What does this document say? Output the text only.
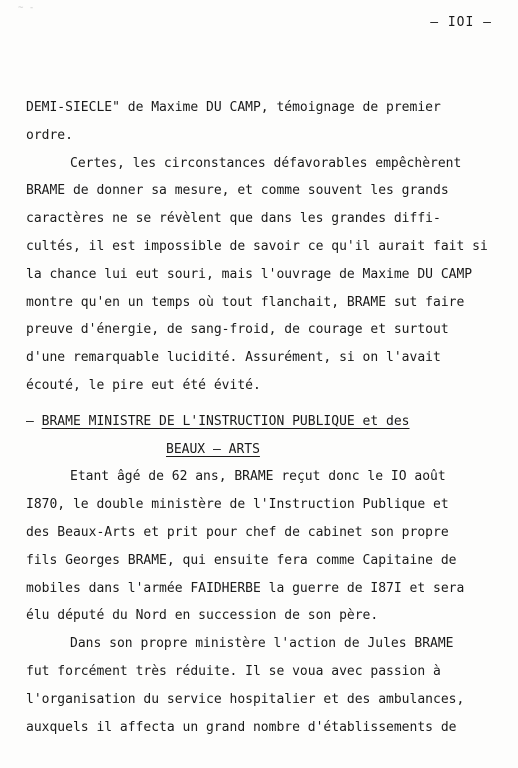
~ -
– IOI –
DEMI-SIECLE" de Maxime DU CAMP, témoignage de premier
ordre.
Certes, les circonstances défavorables empêchèrent
BRAME de donner sa mesure, et comme souvent les grands
caractères ne se révèlent que dans les grandes diffi-
cultés, il est impossible de savoir ce qu'il aurait fait si
la chance lui eut souri, mais l'ouvrage de Maxime DU CAMP
montre qu'en un temps où tout flanchait, BRAME sut faire
preuve d'énergie, de sang-froid, de courage et surtout
d'une remarquable lucidité. Assurément, si on l'avait
écouté, le pire eut été évité.
– BRAME MINISTRE DE L'INSTRUCTION PUBLIQUE et des
BEAUX – ARTS
Etant âgé de 62 ans, BRAME reçut donc le IO août
I870, le double ministère de l'Instruction Publique et
des Beaux-Arts et prit pour chef de cabinet son propre
fils Georges BRAME, qui ensuite fera comme Capitaine de
mobiles dans l'armée FAIDHERBE la guerre de I87I et sera
élu député du Nord en succession de son père.
Dans son propre ministère l'action de Jules BRAME
fut forcément très réduite. Il se voua avec passion à
l'organisation du service hospitalier et des ambulances,
auxquels il affecta un grand nombre d'établissements de
